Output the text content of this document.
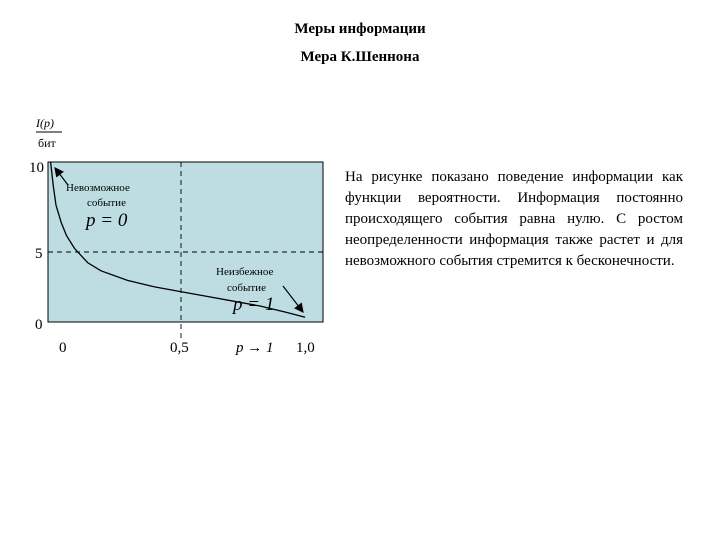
Меры информации
Мера К.Шеннона
I(p)
бит
10
5
0
0	0,5	p → 1 1,0
Невозможное
событие
p = 0
Неизбежное
событие
p = 1
На рисунке показано поведение информации как функции вероятности. Информация постоянно происходящего события равна нулю. С ростом неопределенности информация также растет и для невозможного события стремится к бесконечности.
